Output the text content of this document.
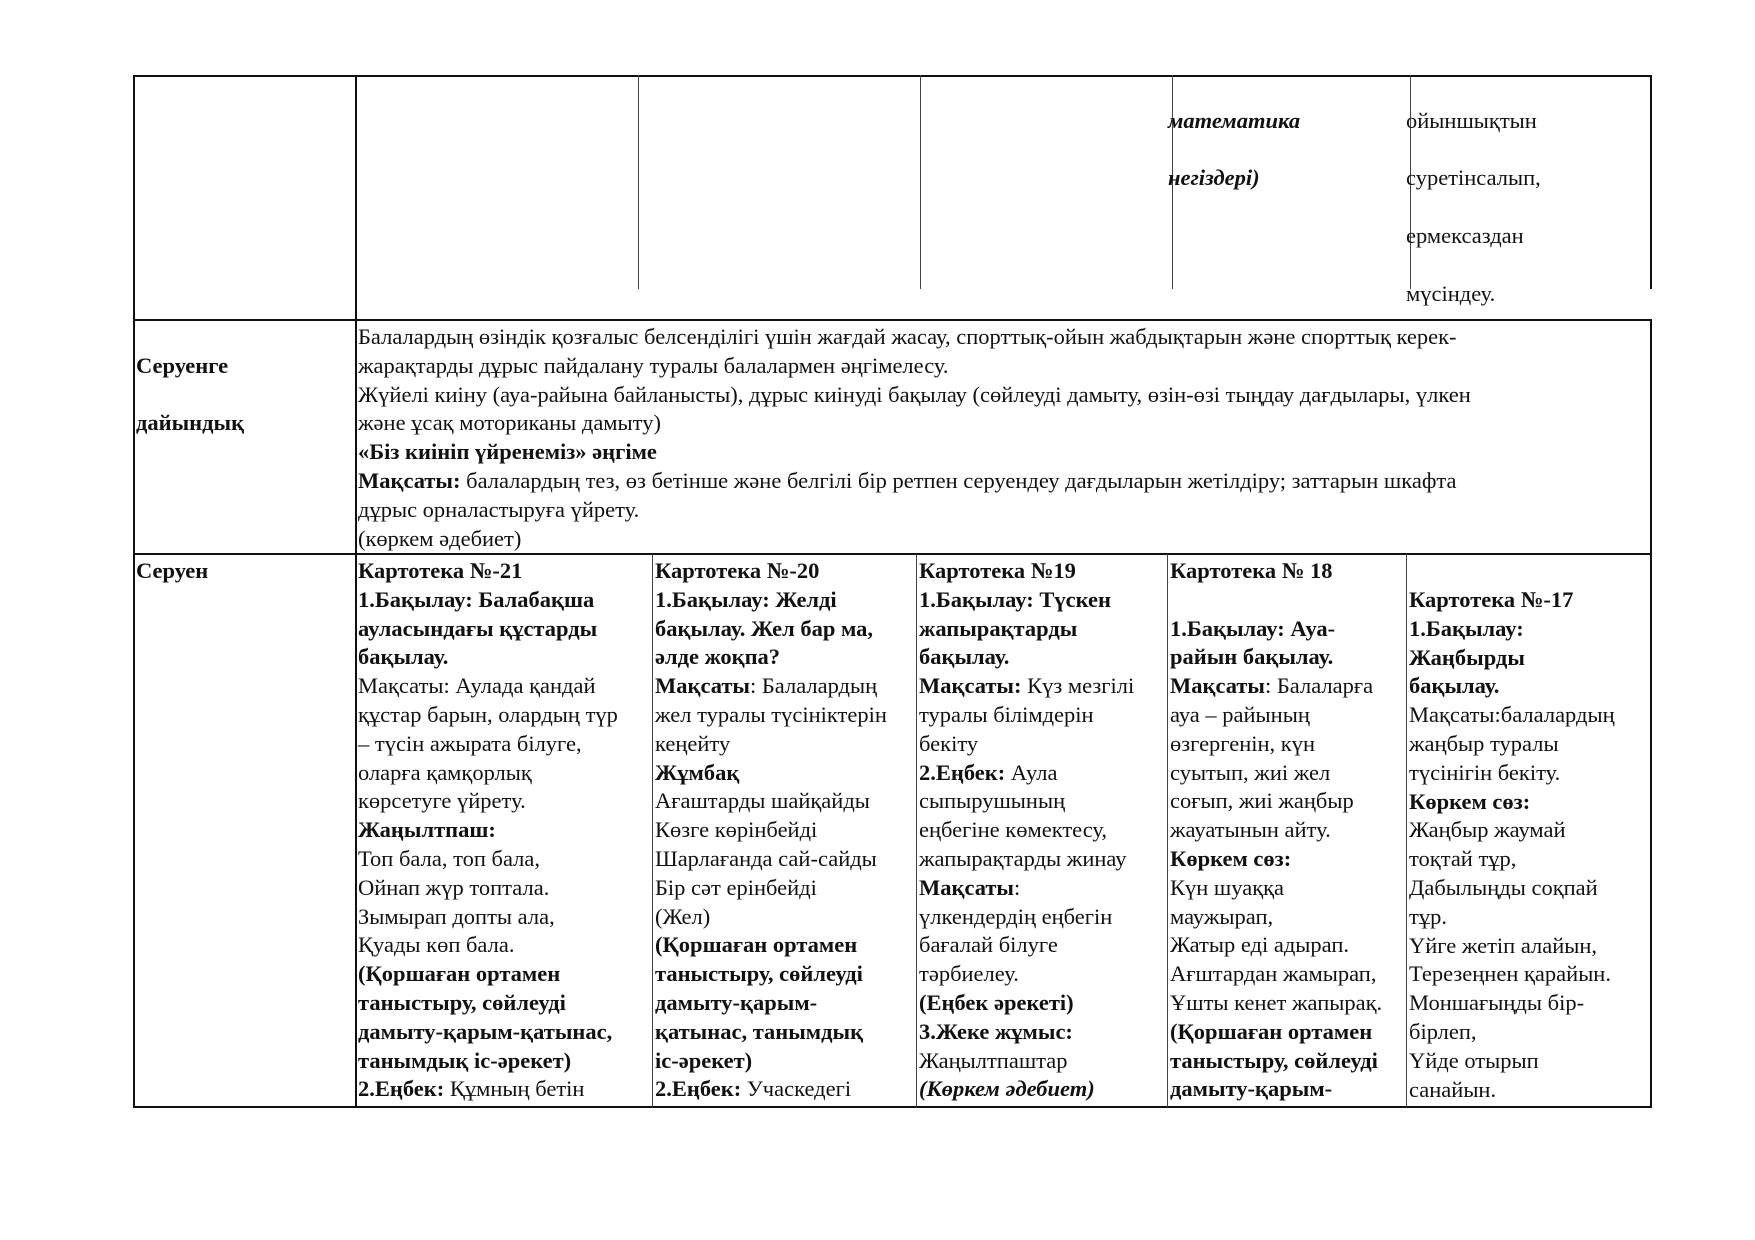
математика

негіздері)

ойыншықтын

суретінсалып,

ермексаздан

мүсіндеу.

Серуенге

дайындық

Балалардың өзіндік қозғалыс белсенділігі үшін жағдай жасау, спорттық-ойын жабдықтарын және спорттық керек-
жарақтарды дұрыс пайдалану туралы балалармен әңгімелесу.
Жүйелі киіну (ауа-райына байланысты), дұрыс киінуді бақылау (сөйлеуді дамыту, өзін-өзі тыңдау дағдылары, үлкен
және ұсақ моториканы дамыту)
«Біз киініп үйренеміз» әңгіме
Мақсаты: балалардың тез, өз бетінше және белгілі бір ретпен серуендеу дағдыларын жетілдіру; заттарын шкафта
дұрыс орналастыруға үйрету.
(көркем әдебиет)
Серуен	Картотека №-21
1.Бақылау: Балабақша
ауласындағы құстарды
бақылау.
Мақсаты: Аулада қандай
құстар барын, олардың түр
– түсін ажырата білуге,
оларға қамқорлық
көрсетуге үйрету.
Жаңылтпаш:
Топ бала, топ бала,
Ойнап жүр топтала.
Зымырап допты ала,
Қуады көп бала.
(Қоршаған ортамен
таныстыру, сөйлеуді
дамыту-қарым-қатынас,
танымдық іс-әрекет)
2.Еңбек: Құмның бетін
Картотека №-20
1.Бақылау: Желді
бақылау. Жел бар ма,
әлде жоқпа?
Мақсаты: Балалардың
жел туралы түсініктерін
кеңейту
Жұмбақ
Ағаштарды шайқайды
Көзге көрінбейді
Шарлағанда сай-сайды
Бір сәт ерінбейді
(Жел)
(Қоршаған ортамен
таныстыру, сөйлеуді
дамыту-қарым-
қатынас, танымдық
іс-әрекет)
2.Еңбек: Учаскедегі
Картотека №19
1.Бақылау: Түскен
жапырақтарды
бақылау.
Мақсаты: Күз мезгілі
туралы білімдерін
бекіту
2.Еңбек: Аула
сыпырушының
еңбегіне көмектесу,
жапырақтарды жинау
Мақсаты:
үлкендердің еңбегін
бағалай білуге
тәрбиелеу.
(Еңбек әрекеті)
3.Жеке жұмыс:
Жаңылтпаштар
(Көркем әдебиет)
Картотека № 18

1.Бақылау: Ауа-
райын бақылау.
Мақсаты: Балаларға
ауа – райының
өзгергенін, күн
суытып, жиі жел
соғып, жиі жаңбыр
жауатынын айту.
Көркем сөз:
Күн шуаққа
маужырап,
Жатыр еді адырап.
Ағштардан жамырап,
Ұшты кенет жапырақ.
(Қоршаған ортамен
таныстыру, сөйлеуді
дамыту-қарым-
Картотека №-17
1.Бақылау:
Жаңбырды
бақылау.
Мақсаты:балалардың
жаңбыр туралы
түсінігін бекіту.
Көркем сөз:
Жаңбыр жаумай
тоқтай тұр,
Дабылыңды соқпай
тұр.
Үйге жетіп алайын,
Терезеңнен қарайын.
Моншағыңды бір-
бірлеп,
Үйде отырып
санайын.
